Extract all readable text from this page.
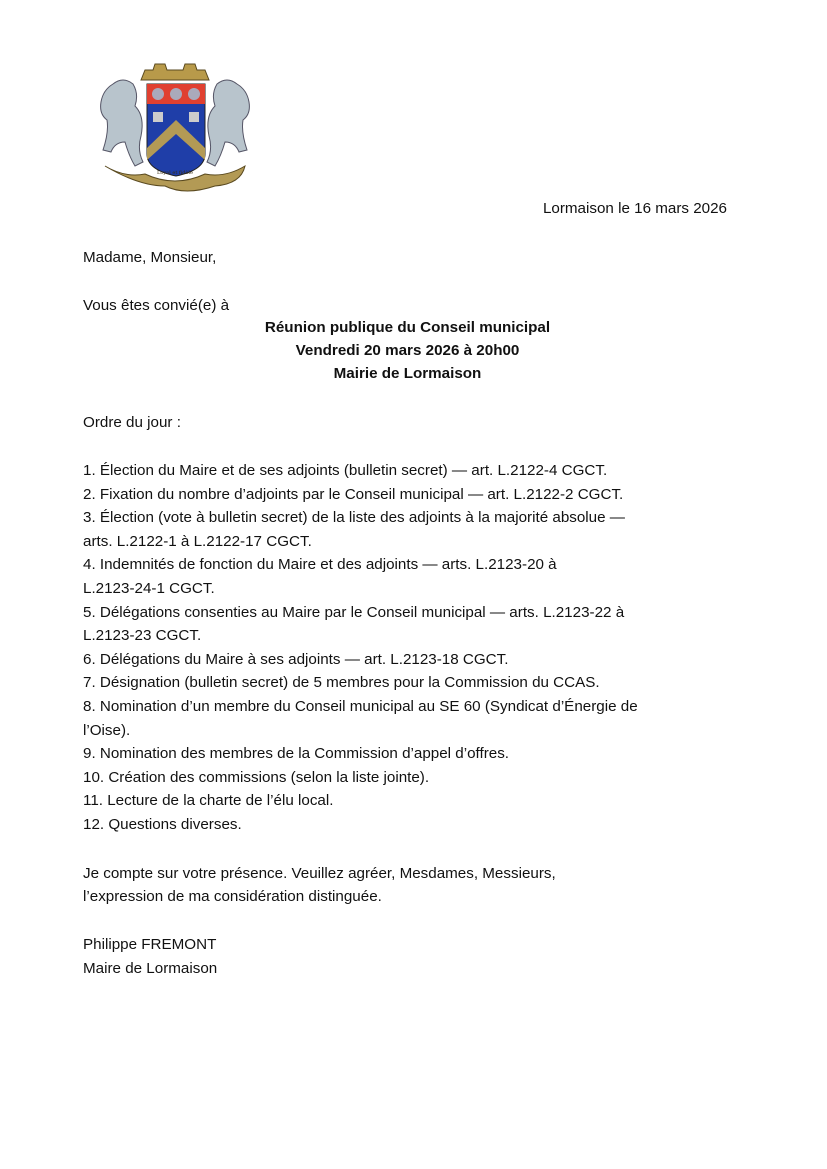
Loyal et fidèle
Lormaison le 16 mars 2026
Madame, Monsieur,
Vous êtes convié(e) à
Réunion publique du Conseil municipal
Vendredi 20 mars 2026 à 20h00
Mairie de Lormaison
Ordre du jour :
1. Élection du Maire et de ses adjoints (bulletin secret) — art. L.2122-4 CGCT.
2. Fixation du nombre d’adjoints par le Conseil municipal — art. L.2122-2 CGCT.
3. Élection (vote à bulletin secret) de la liste des adjoints à la majorité absolue —
arts. L.2122-1 à L.2122-17 CGCT.
4. Indemnités de fonction du Maire et des adjoints — arts. L.2123-20 à
L.2123-24-1 CGCT.
5. Délégations consenties au Maire par le Conseil municipal — arts. L.2123-22 à
L.2123-23 CGCT.
6. Délégations du Maire à ses adjoints — art. L.2123-18 CGCT.
7. Désignation (bulletin secret) de 5 membres pour la Commission du CCAS.
8. Nomination d’un membre du Conseil municipal au SE 60 (Syndicat d’Énergie de
l’Oise).
9. Nomination des membres de la Commission d’appel d’offres.
10. Création des commissions (selon la liste jointe).
11. Lecture de la charte de l’élu local.
12. Questions diverses.
Je compte sur votre présence. Veuillez agréer, Mesdames, Messieurs,
l’expression de ma considération distinguée.
Philippe FREMONT
Maire de Lormaison
